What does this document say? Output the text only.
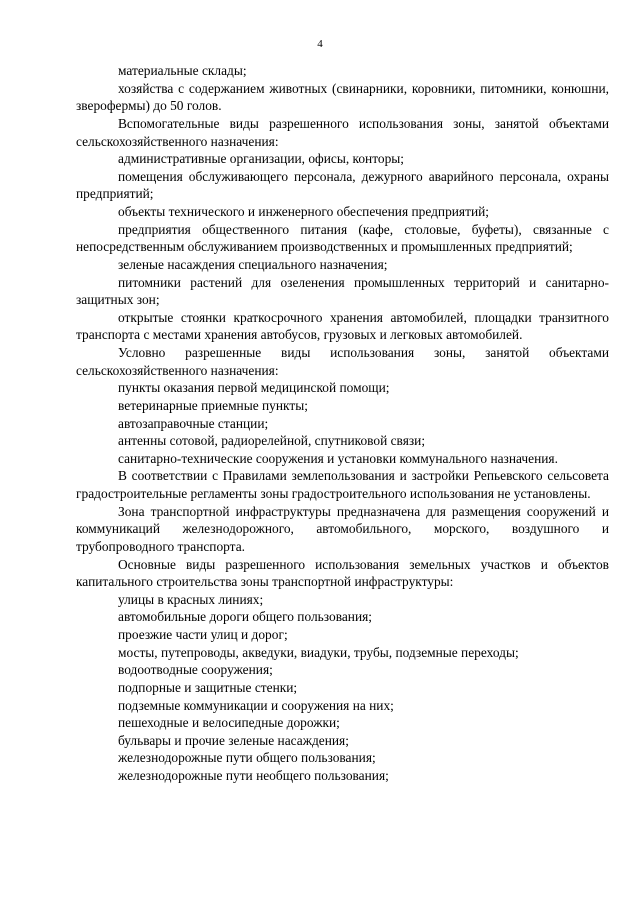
4

материальные склады;

хозяйства с содержанием животных (свинарники, коровники, питомники, конюшни, зверофермы) до 50 голов.

Вспомогательные виды разрешенного использования зоны, занятой объектами сельскохозяйственного назначения:

административные организации, офисы, конторы;

помещения обслуживающего персонала, дежурного аварийного персонала, охраны предприятий;

объекты технического и инженерного обеспечения предприятий;

предприятия общественного питания (кафе, столовые, буфеты), связанные с непосредственным обслуживанием производственных и промышленных предприятий;

зеленые насаждения специального назначения;

питомники растений для озеленения промышленных территорий и санитарно-защитных зон;

открытые стоянки краткосрочного хранения автомобилей, площадки транзитного транспорта с местами хранения автобусов, грузовых и легковых автомобилей.

Условно разрешенные виды использования зоны, занятой объектами сельскохозяйственного назначения:

пункты оказания первой медицинской помощи;

ветеринарные приемные пункты;

автозаправочные станции;

антенны сотовой, радиорелейной, спутниковой связи;

санитарно-технические сооружения и установки коммунального назначения.

В соответствии с Правилами землепользования и застройки Репьевского сельсовета градостроительные регламенты зоны градостроительного использования не установлены.

Зона транспортной инфраструктуры предназначена для размещения сооружений и коммуникаций железнодорожного, автомобильного, морского, воздушного и трубопроводного транспорта.

Основные виды разрешенного использования земельных участков и объектов капитального строительства зоны транспортной инфраструктуры:

улицы в красных линиях;

автомобильные дороги общего пользования;

проезжие части улиц и дорог;

мосты, путепроводы, акведуки, виадуки, трубы, подземные переходы;

водоотводные сооружения;

подпорные и защитные стенки;

подземные коммуникации и сооружения на них;

пешеходные и велосипедные дорожки;

бульвары и прочие зеленые насаждения;

железнодорожные пути общего пользования;

железнодорожные пути необщего пользования;
